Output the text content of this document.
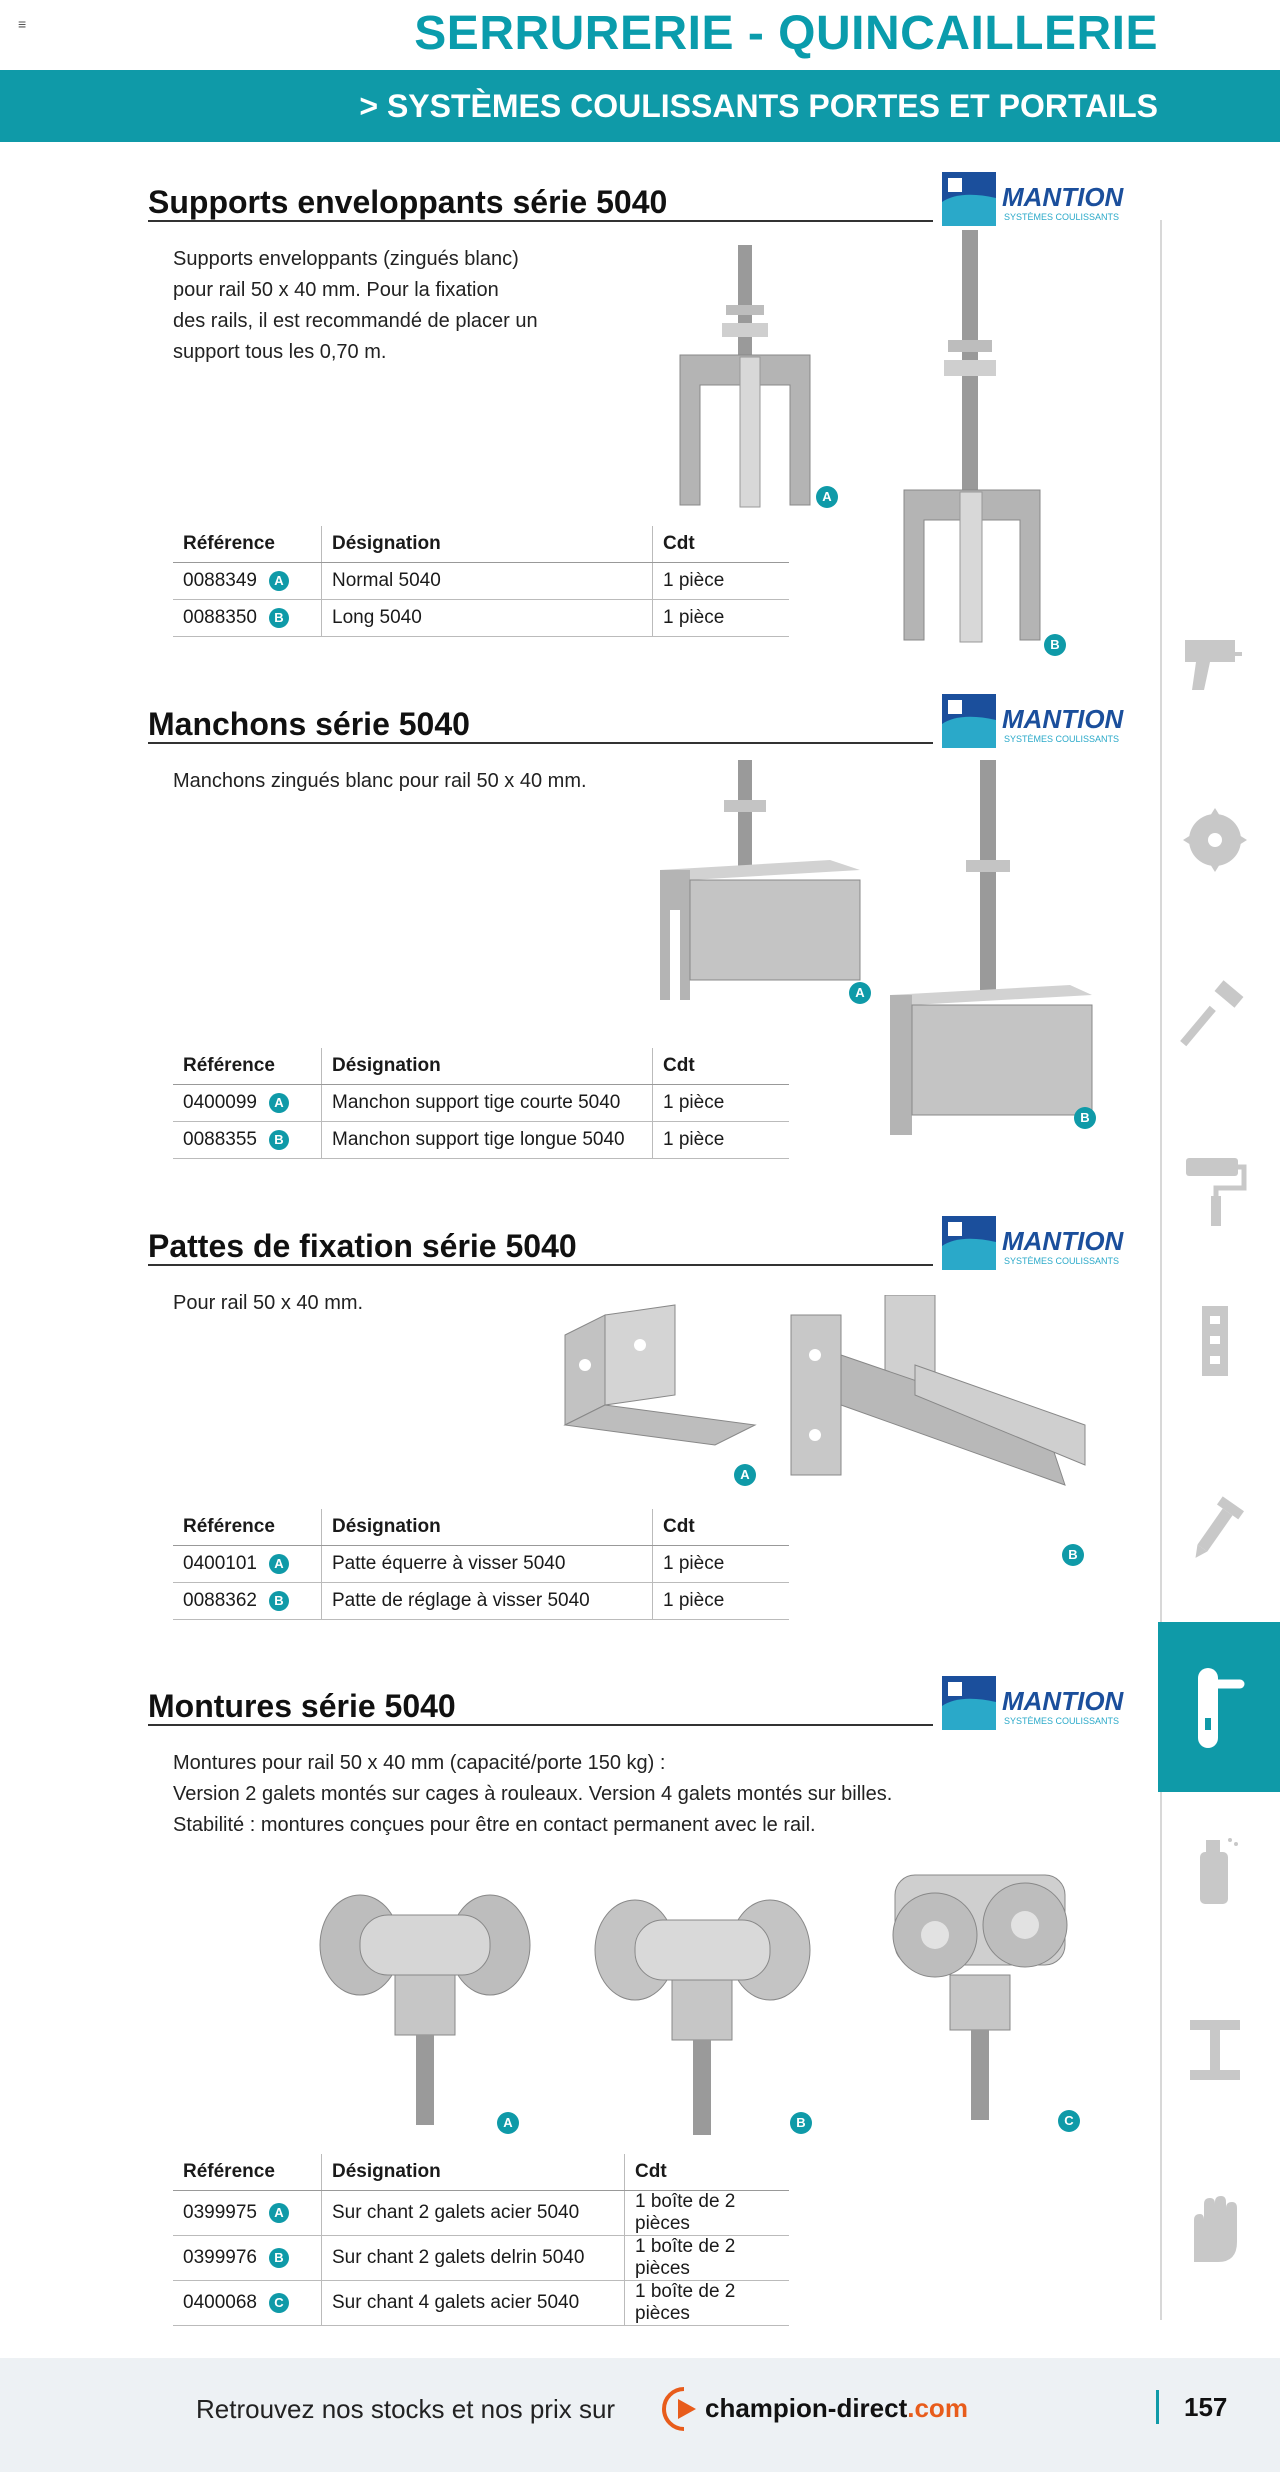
≡	SERRURERIE - QUINCAILLERIE
> SYSTÈMES COULISSANTS PORTES ET PORTAILS
Supports enveloppants série 5040	MANTION
SYSTÈMES COULISSANTS
Supports enveloppants (zingués blanc)
pour rail 50 x 40 mm. Pour la fixation
des rails, il est recommandé de placer un
support tous les 0,70 m.
A
B
Référence	Désignation	Cdt
0088349 A	Normal 5040	1 pièce
0088350 B	Long 5040	1 pièce
Manchons série 5040	MANTION
SYSTÈMES COULISSANTS
Manchons zingués blanc pour rail 50 x 40 mm.
A
B
Référence	Désignation	Cdt
0400099 A	Manchon support tige courte 5040	1 pièce
0088355 B	Manchon support tige longue 5040	1 pièce
Pattes de fixation série 5040	MANTION
SYSTÈMES COULISSANTS
Pour rail 50 x 40 mm.
A
B
Référence	Désignation	Cdt
0400101 A	Patte équerre à visser 5040	1 pièce
0088362 B	Patte de réglage à visser 5040	1 pièce
Montures série 5040	MANTION
SYSTÈMES COULISSANTS
Montures pour rail 50 x 40 mm (capacité/porte 150 kg) :
Version 2 galets montés sur cages à rouleaux. Version 4 galets montés sur billes.
Stabilité : montures conçues pour être en contact permanent avec le rail.
A	B	C
Référence	Désignation	Cdt
0399975 A	Sur chant 2 galets acier 5040	1 boîte de 2 pièces
0399976 B	Sur chant 2 galets delrin 5040	1 boîte de 2 pièces
0400068 C	Sur chant 4 galets acier 5040	1 boîte de 2 pièces
Retrouvez nos stocks et nos prix sur	champion-direct.com	157
